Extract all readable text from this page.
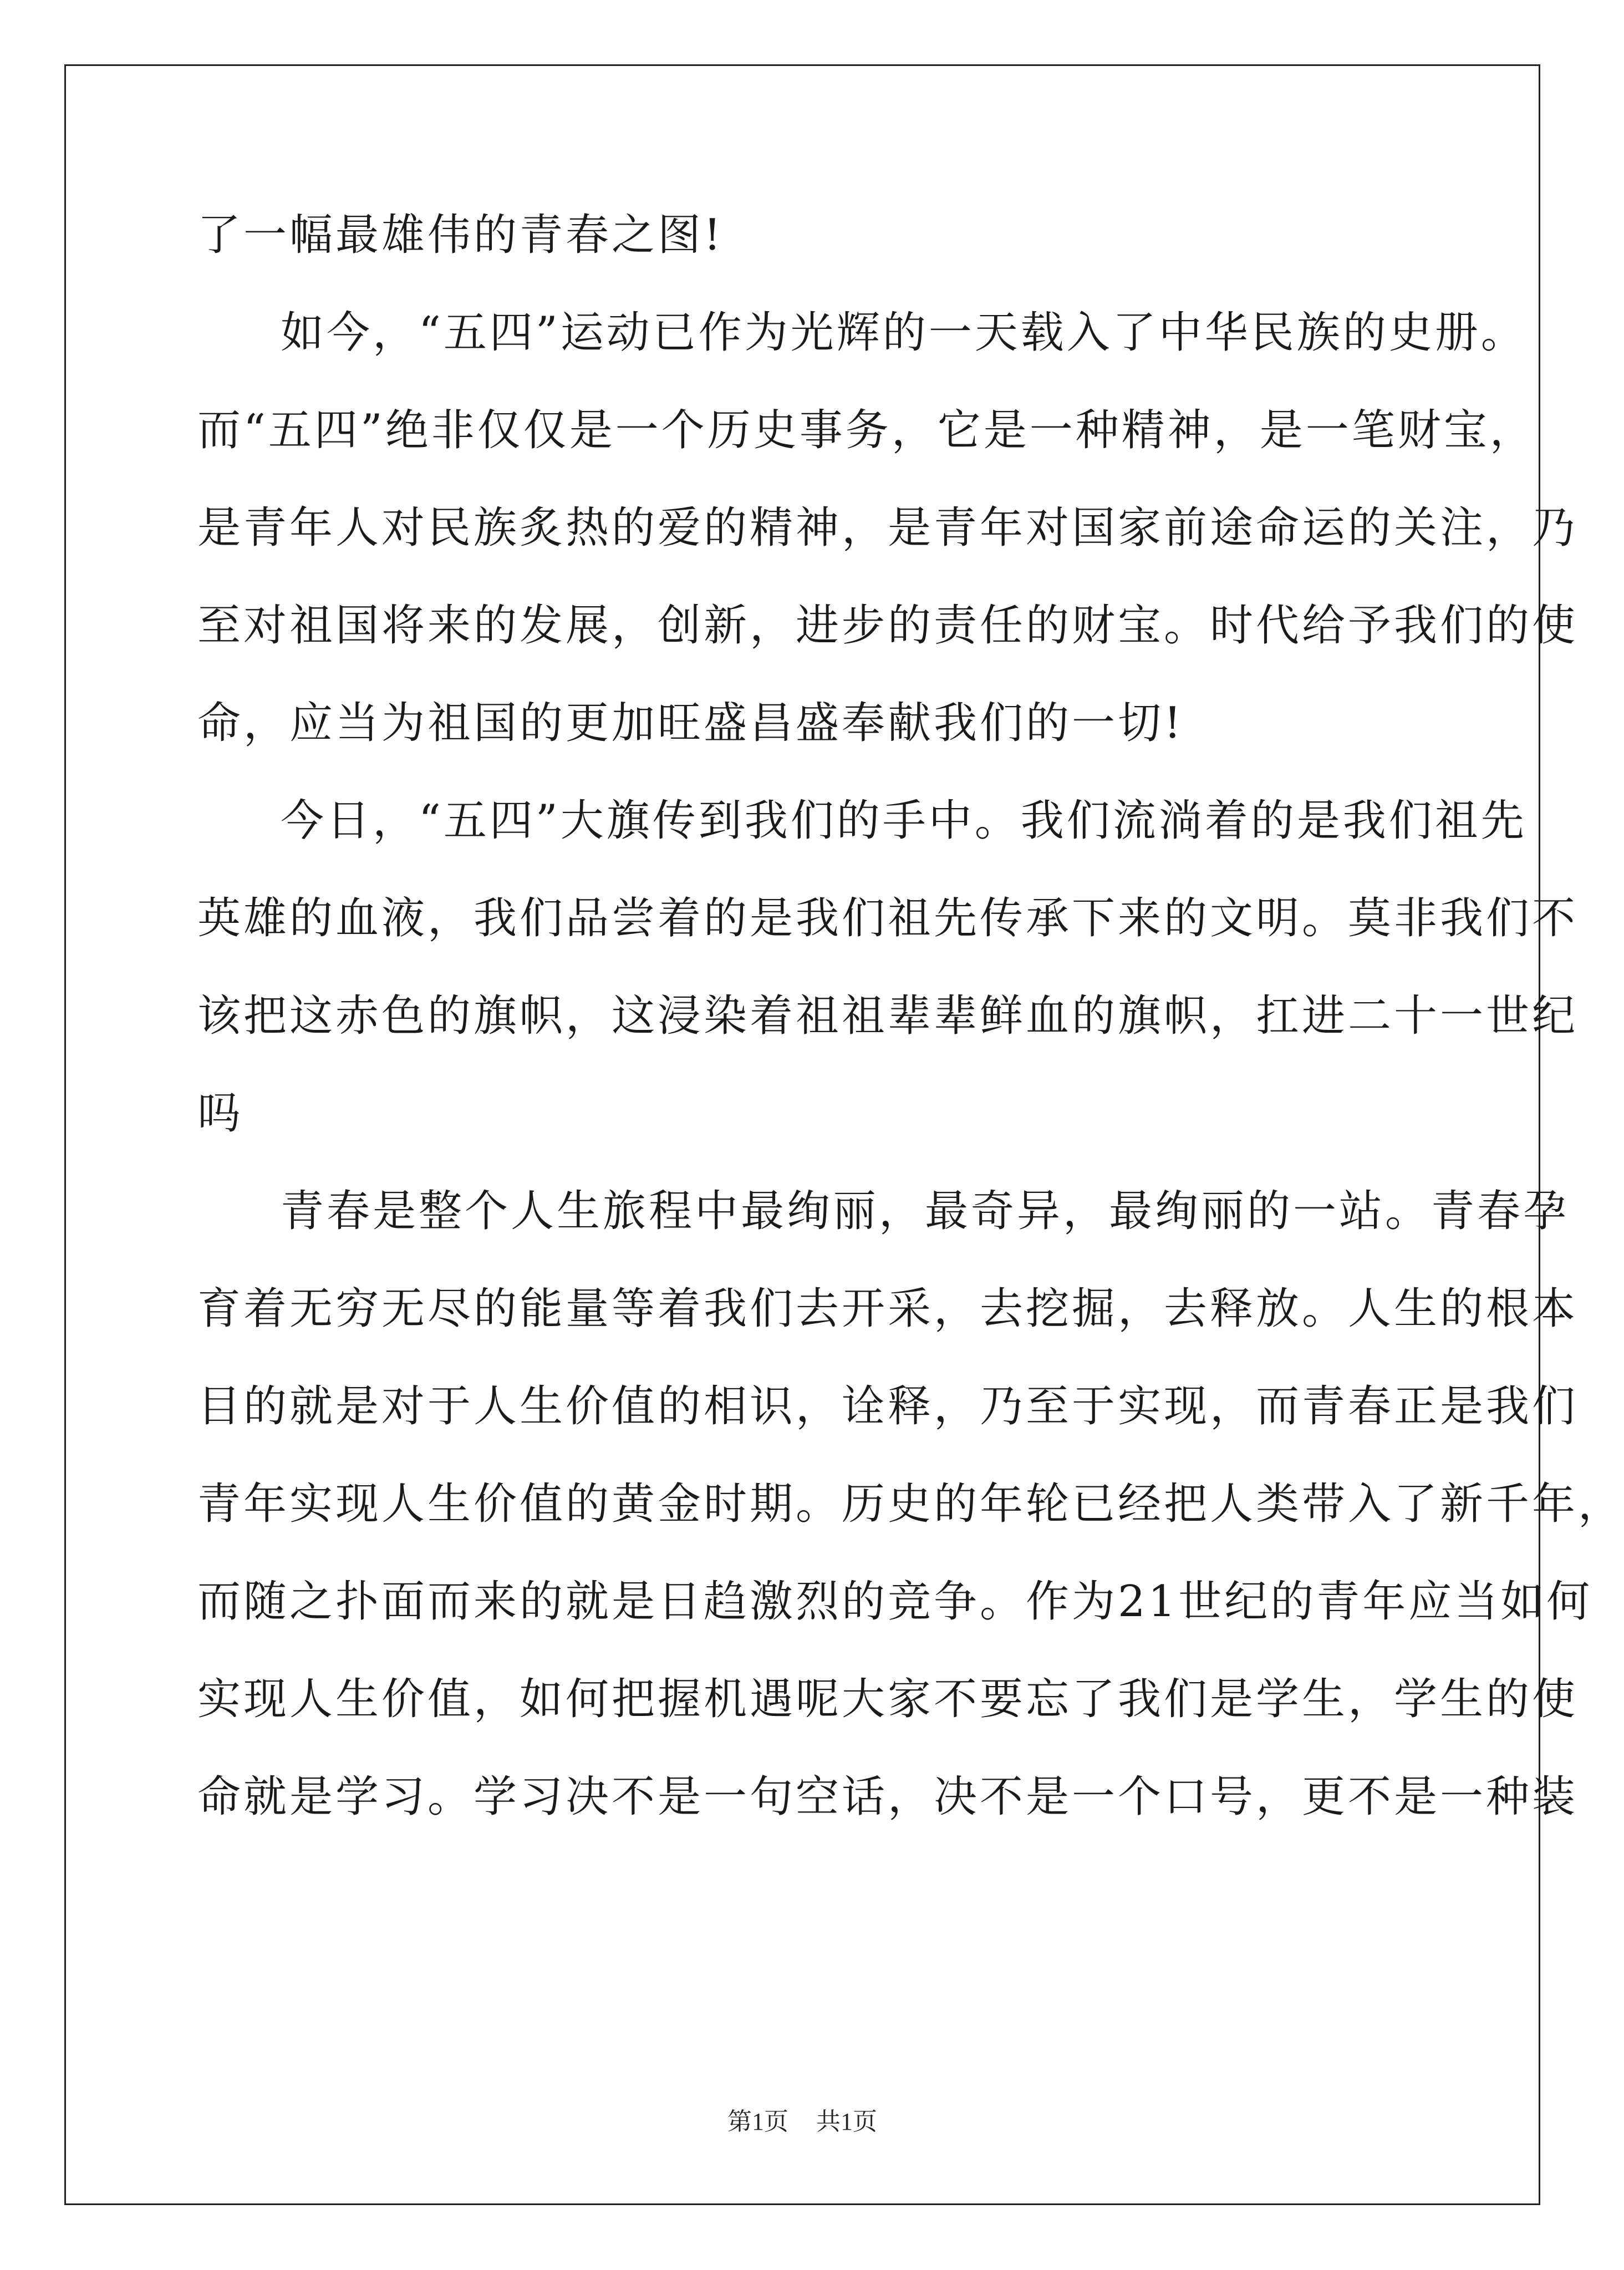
了一幅最雄伟的青春之图!
如今，“五四”运动已作为光辉的一天载入了中华民族的史册。
而“五四”绝非仅仅是一个历史事务，它是一种精神，是一笔财宝，
是青年人对民族炙热的爱的精神，是青年对国家前途命运的关注，乃
至对祖国将来的发展，创新，进步的责任的财宝。时代给予我们的使
命，应当为祖国的更加旺盛昌盛奉献我们的一切!
今日，“五四”大旗传到我们的手中。我们流淌着的是我们祖先
英雄的血液，我们品尝着的是我们祖先传承下来的文明。莫非我们不
该把这赤色的旗帜，这浸染着祖祖辈辈鲜血的旗帜，扛进二十一世纪
吗
青春是整个人生旅程中最绚丽，最奇异，最绚丽的一站。青春孕
育着无穷无尽的能量等着我们去开采，去挖掘，去释放。人生的根本
目的就是对于人生价值的相识，诠释，乃至于实现，而青春正是我们
青年实现人生价值的黄金时期。历史的年轮已经把人类带入了新千年，
而随之扑面而来的就是日趋激烈的竞争。作为21世纪的青年应当如何
实现人生价值，如何把握机遇呢大家不要忘了我们是学生，学生的使
命就是学习。学习决不是一句空话，决不是一个口号，更不是一种装
第1页 共1页
